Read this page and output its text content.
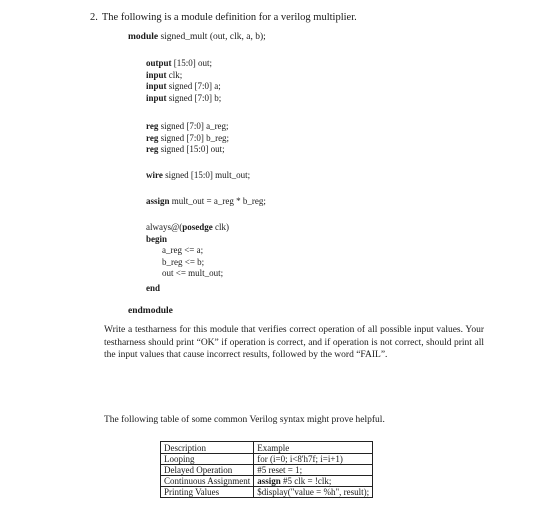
2. The following is a module definition for a verilog multiplier.
module signed_mult (out, clk, a, b);
output [15:0] out;
input clk;
input signed [7:0] a;
input signed [7:0] b;
reg signed [7:0] a_reg;
reg signed [7:0] b_reg;
reg signed [15:0] out;
wire signed [15:0] mult_out;
assign mult_out = a_reg * b_reg;
always@(posedge clk)
begin
a_reg <= a;
b_reg <= b;
out <= mult_out;
end
endmodule
Write a testharness for this module that verifies correct operation of all possible input values. Your testharness should print “OK” if operation is correct, and if operation is not correct, should print all the input values that cause incorrect results, followed by the word “FAIL”.
The following table of some common Verilog syntax might prove helpful.
Description	Example
Looping	for (i=0; i<8'h7f; i=i+1)
Delayed Operation	#5 reset = 1;
Continuous Assignment	assign #5 clk = !clk;
Printing Values	$display("value = %h", result);
